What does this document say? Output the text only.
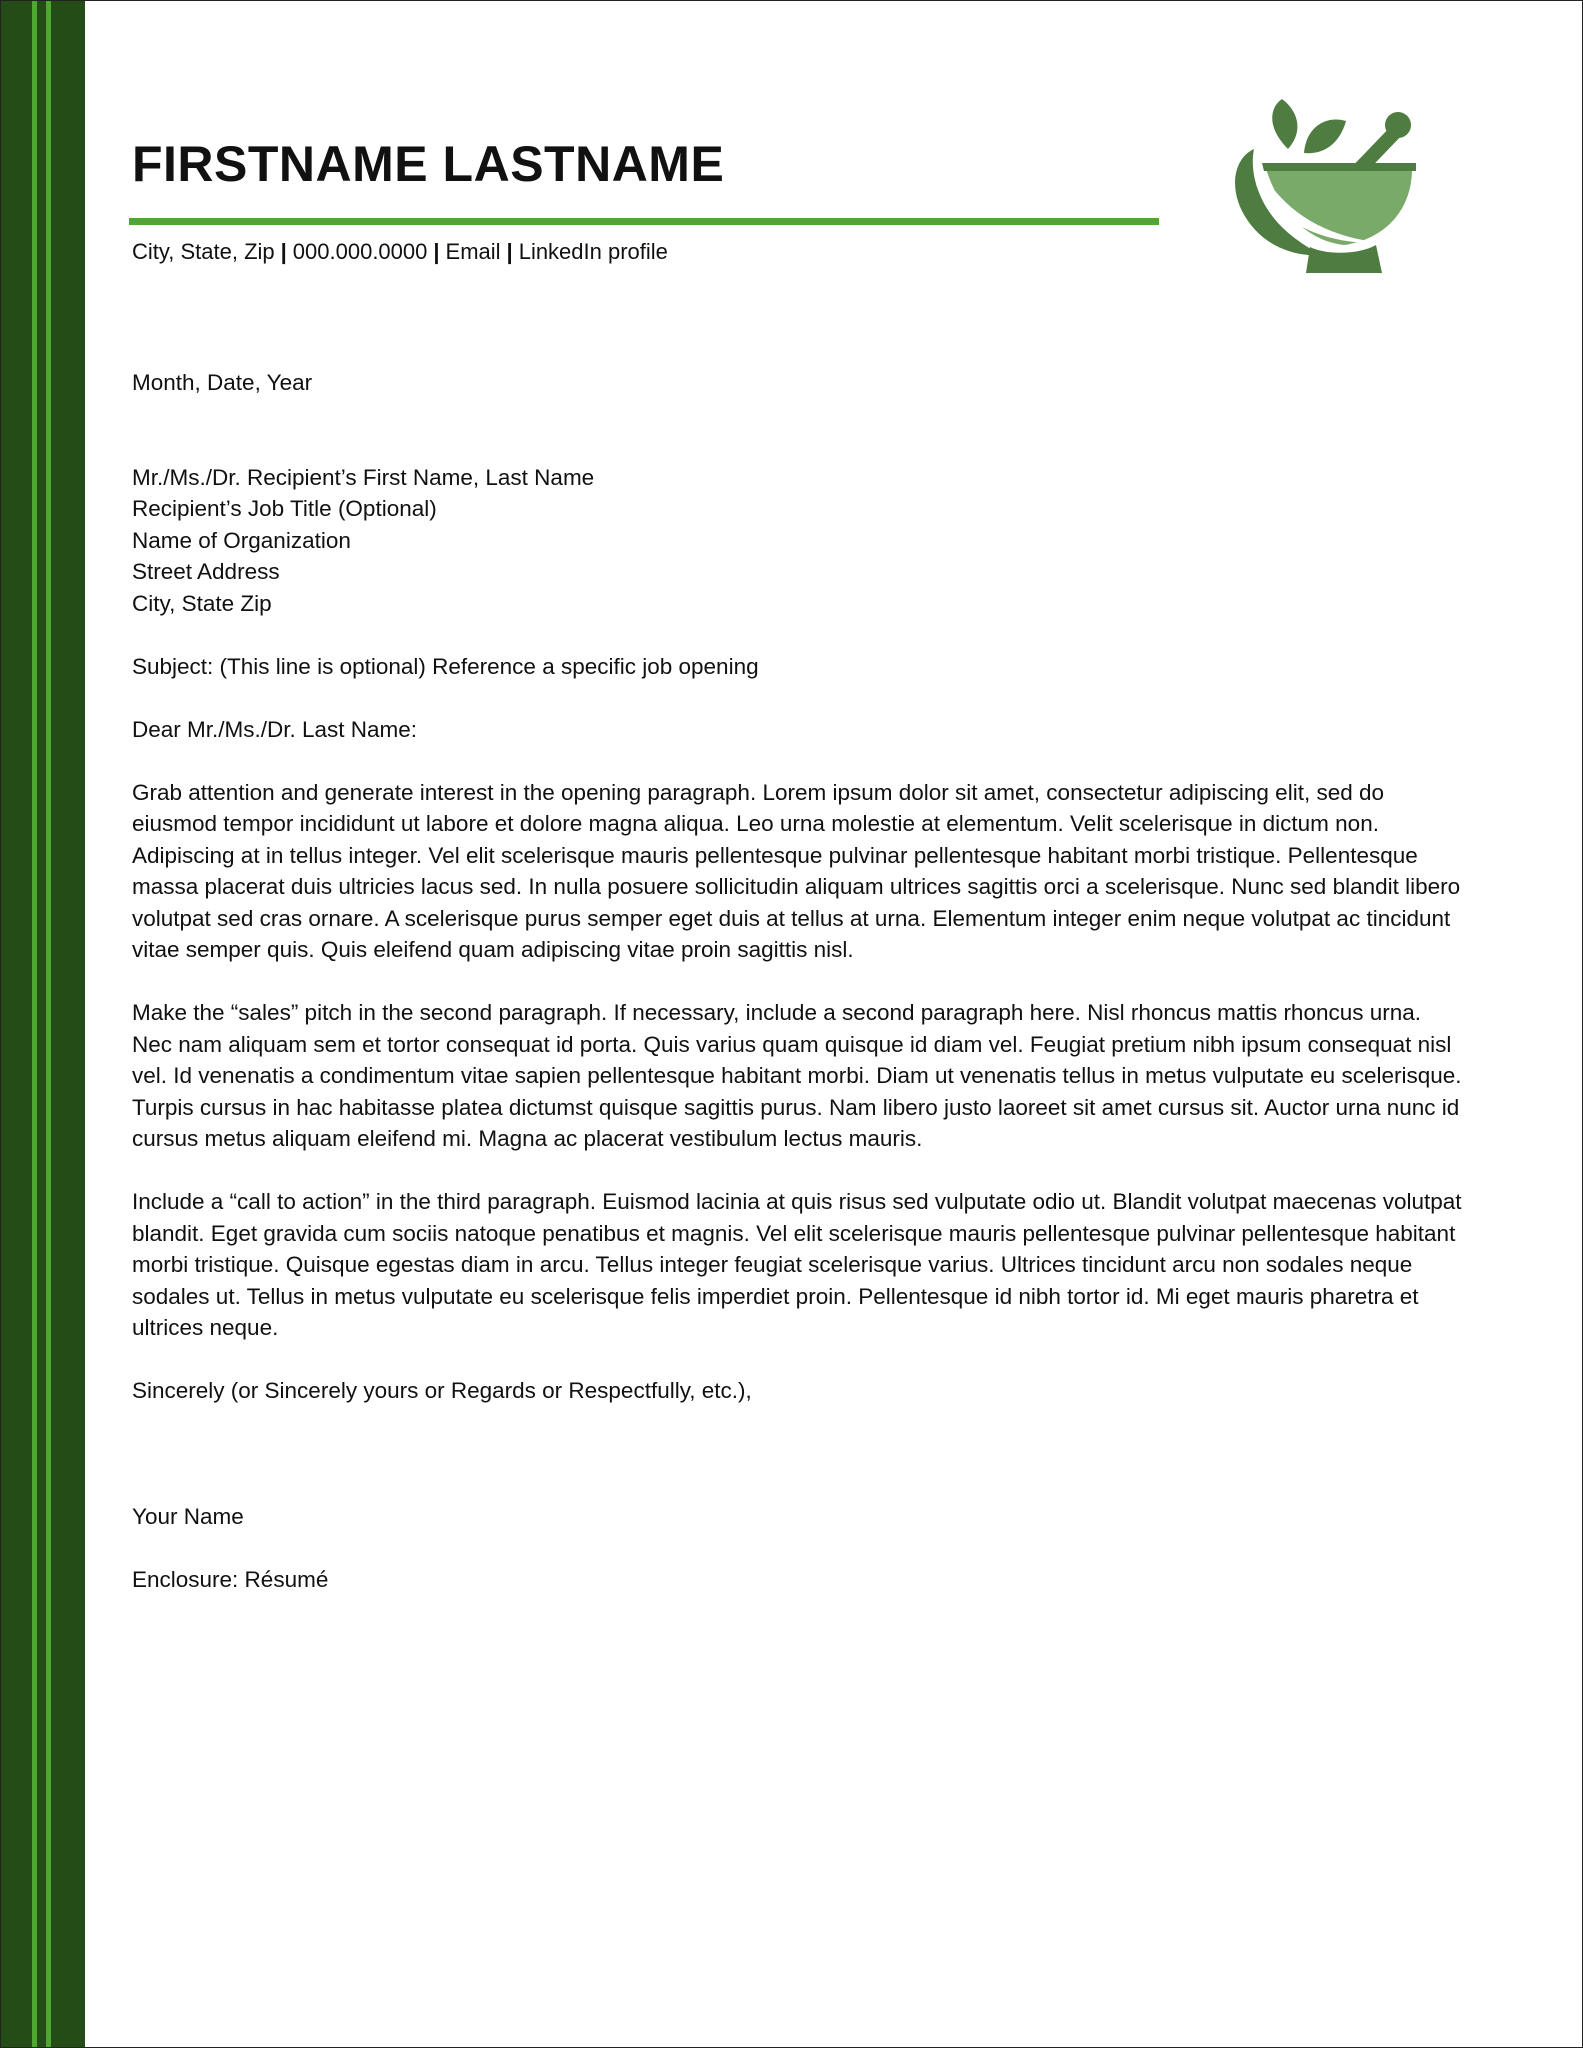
FIRSTNAME LASTNAME
City, State, Zip | 000.000.0000 | Email | LinkedIn profile

Month, Date, Year

Mr./Ms./Dr. Recipient’s First Name, Last Name
Recipient’s Job Title (Optional)
Name of Organization
Street Address
City, State Zip

Subject: (This line is optional) Reference a specific job opening

Dear Mr./Ms./Dr. Last Name:

Grab attention and generate interest in the opening paragraph. Lorem ipsum dolor sit amet, consectetur adipiscing elit, sed do eiusmod tempor incididunt ut labore et dolore magna aliqua. Leo urna molestie at elementum. Velit scelerisque in dictum non. Adipiscing at in tellus integer. Vel elit scelerisque mauris pellentesque pulvinar pellentesque habitant morbi tristique. Pellentesque massa placerat duis ultricies lacus sed. In nulla posuere sollicitudin aliquam ultrices sagittis orci a scelerisque. Nunc sed blandit libero volutpat sed cras ornare. A scelerisque purus semper eget duis at tellus at urna. Elementum integer enim neque volutpat ac tincidunt vitae semper quis. Quis eleifend quam adipiscing vitae proin sagittis nisl.

Make the “sales” pitch in the second paragraph. If necessary, include a second paragraph here. Nisl rhoncus mattis rhoncus urna. Nec nam aliquam sem et tortor consequat id porta. Quis varius quam quisque id diam vel. Feugiat pretium nibh ipsum consequat nisl vel. Id venenatis a condimentum vitae sapien pellentesque habitant morbi. Diam ut venenatis tellus in metus vulputate eu scelerisque. Turpis cursus in hac habitasse platea dictumst quisque sagittis purus. Nam libero justo laoreet sit amet cursus sit. Auctor urna nunc id cursus metus aliquam eleifend mi. Magna ac placerat vestibulum lectus mauris.

Include a “call to action” in the third paragraph. Euismod lacinia at quis risus sed vulputate odio ut. Blandit volutpat maecenas volutpat blandit. Eget gravida cum sociis natoque penatibus et magnis. Vel elit scelerisque mauris pellentesque pulvinar pellentesque habitant morbi tristique. Quisque egestas diam in arcu. Tellus integer feugiat scelerisque varius. Ultrices tincidunt arcu non sodales neque sodales ut. Tellus in metus vulputate eu scelerisque felis imperdiet proin. Pellentesque id nibh tortor id. Mi eget mauris pharetra et ultrices neque.

Sincerely (or Sincerely yours or Regards or Respectfully, etc.),

Your Name

Enclosure: Résumé
